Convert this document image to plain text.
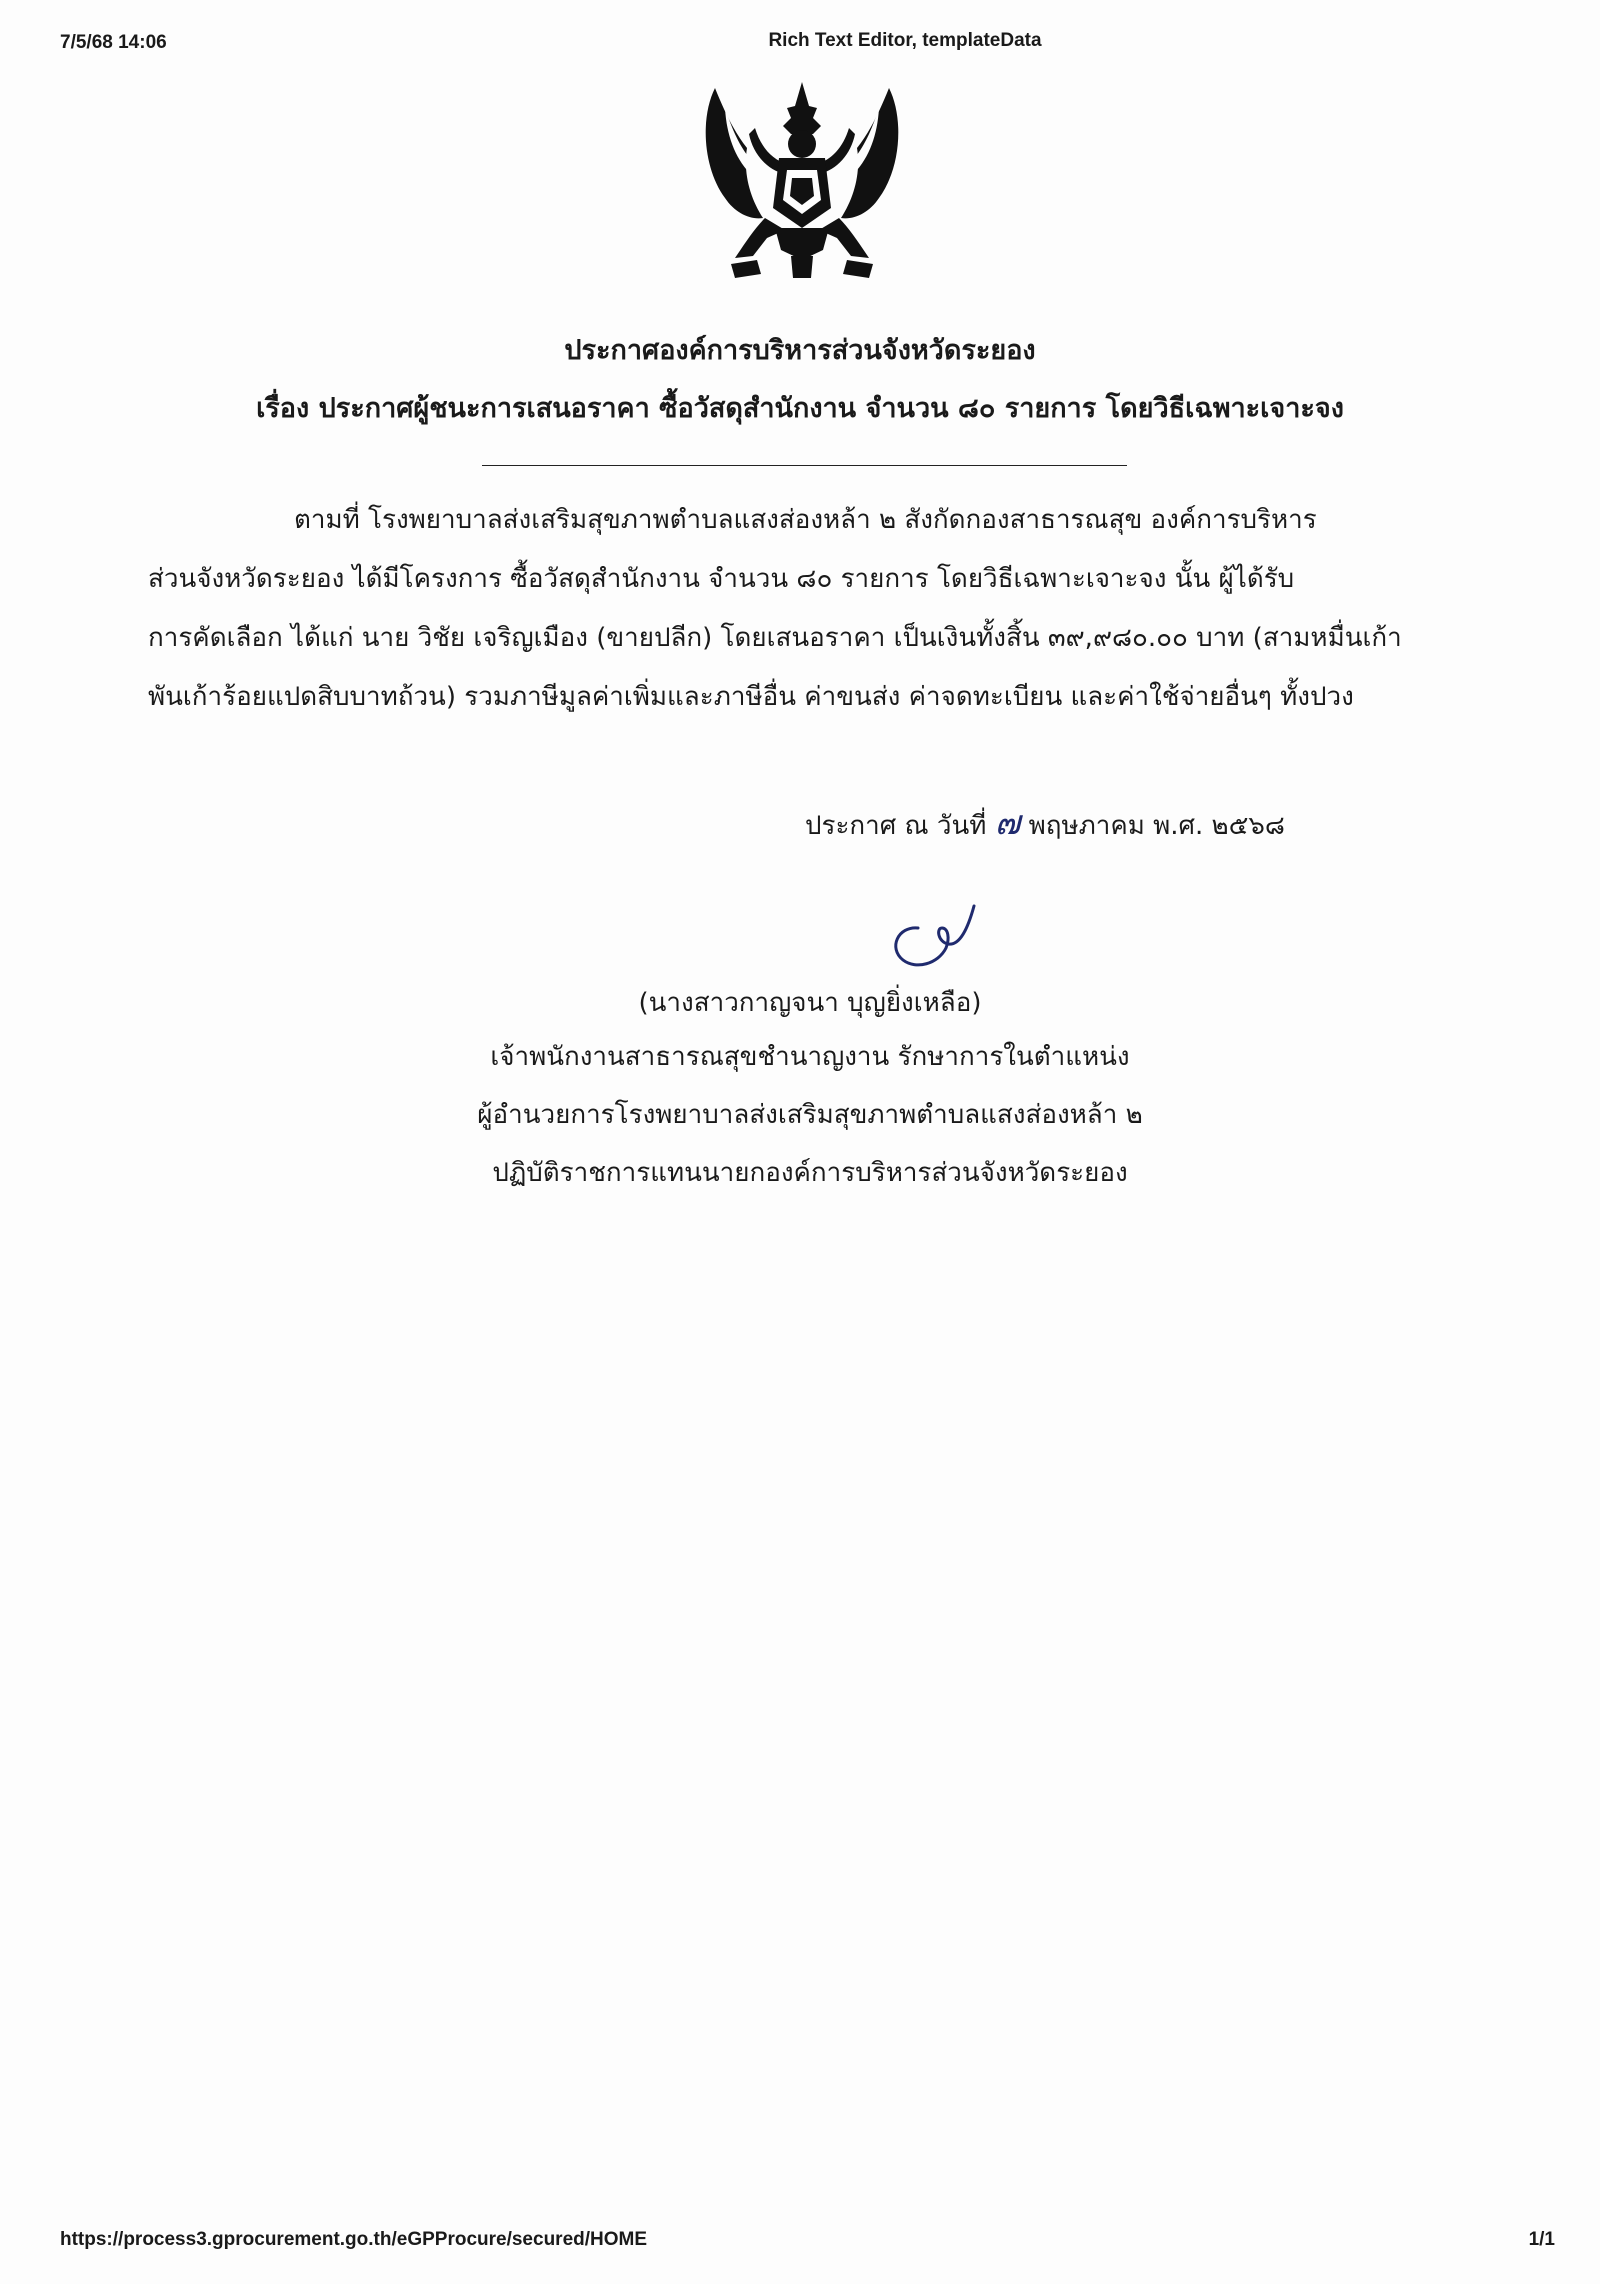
7/5/68 14:06	Rich Text Editor, templateData
ประกาศองค์การบริหารส่วนจังหวัดระยอง
เรื่อง ประกาศผู้ชนะการเสนอราคา ซื้อวัสดุสำนักงาน จำนวน ๘๐ รายการ โดยวิธีเฉพาะเจาะจง
ตามที่ โรงพยาบาลส่งเสริมสุขภาพตำบลแสงส่องหล้า ๒ สังกัดกองสาธารณสุข องค์การบริหาร
ส่วนจังหวัดระยอง ได้มีโครงการ ซื้อวัสดุสำนักงาน จำนวน ๘๐ รายการ โดยวิธีเฉพาะเจาะจง นั้น ผู้ได้รับ
การคัดเลือก ได้แก่ นาย วิชัย เจริญเมือง (ขายปลีก) โดยเสนอราคา เป็นเงินทั้งสิ้น ๓๙,๙๘๐.๐๐ บาท (สามหมื่นเก้า
พันเก้าร้อยแปดสิบบาทถ้วน) รวมภาษีมูลค่าเพิ่มและภาษีอื่น ค่าขนส่ง ค่าจดทะเบียน และค่าใช้จ่ายอื่นๆ ทั้งปวง
ประกาศ ณ วันที่ ๗ พฤษภาคม พ.ศ. ๒๕๖๘
(นางสาวกาญจนา บุญยิ่งเหลือ)
เจ้าพนักงานสาธารณสุขชำนาญงาน รักษาการในตำแหน่ง
ผู้อำนวยการโรงพยาบาลส่งเสริมสุขภาพตำบลแสงส่องหล้า ๒
ปฏิบัติราชการแทนนายกองค์การบริหารส่วนจังหวัดระยอง
https://process3.gprocurement.go.th/eGPProcure/secured/HOME	1/1
